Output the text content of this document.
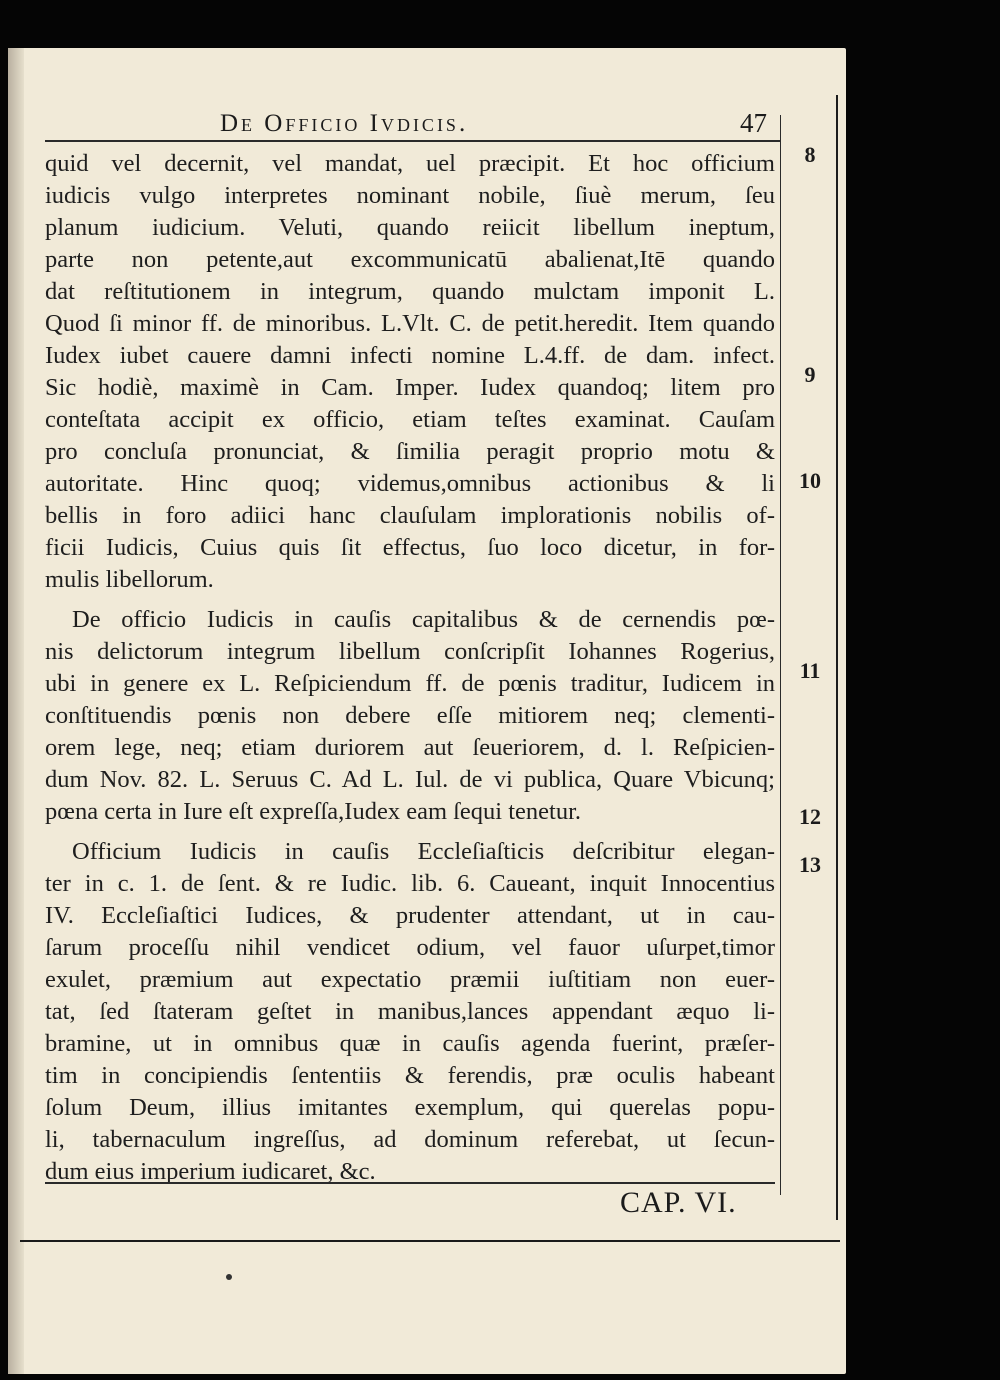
De Officio Ivdicis.	47
quid vel decernit, vel mandat, uel præcipit. Et hoc officium
iudicis vulgo interpretes nominant nobile, ſiuè merum, ſeu
planum iudicium. Veluti, quando reiicit libellum ineptum,
parte non petente,aut excommunicatū abalienat,Itē quando
dat reſtitutionem in integrum, quando mulctam imponit L.
Quod ſi minor ff. de minoribus. L.Vlt. C. de petit.heredit. Item quando
Iudex iubet cauere damni infecti nomine L.4.ff. de dam. infect.
Sic hodiè, maximè in Cam. Imper. Iudex quandoq; litem pro
conteſtata accipit ex officio, etiam teſtes examinat. Cauſam
pro concluſa pronunciat, & ſimilia peragit proprio motu &
autoritate. Hinc quoq; videmus,omnibus actionibus & li
bellis in foro adiici hanc clauſulam implorationis nobilis of-
ficii Iudicis, Cuius quis ſit effectus, ſuo loco dicetur, in for-
mulis libellorum.
De officio Iudicis in cauſis capitalibus & de cernendis pœ-
nis delictorum integrum libellum conſcripſit Iohannes Rogerius,
ubi in genere ex L. Reſpiciendum ff. de pœnis traditur, Iudicem in
conſtituendis pœnis non debere eſſe mitiorem neq; clementi-
orem lege, neq; etiam duriorem aut ſeueriorem, d. l. Reſpicien-
dum Nov. 82. L. Seruus C. Ad L. Iul. de vi publica, Quare Vbicunq;
pœna certa in Iure eſt expreſſa,Iudex eam ſequi tenetur.
Officium Iudicis in cauſis Eccleſiaſticis deſcribitur elegan-
ter in c. 1. de ſent. & re Iudic. lib. 6. Caueant, inquit Innocentius
IV. Eccleſiaſtici Iudices, & prudenter attendant, ut in cau-
ſarum proceſſu nihil vendicet odium, vel fauor uſurpet,timor
exulet, præmium aut expectatio præmii iuſtitiam non euer-
tat, ſed ſtateram geſtet in manibus,lances appendant æquo li-
bramine, ut in omnibus quæ in cauſis agenda fuerint, præſer-
tim in concipiendis ſententiis & ferendis, præ oculis habeant
ſolum Deum, illius imitantes exemplum, qui querelas popu-
li, tabernaculum ingreſſus, ad dominum referebat, ut ſecun-
dum eius imperium iudicaret, &c.
8
9
10
11
12
13
CAP. VI.
